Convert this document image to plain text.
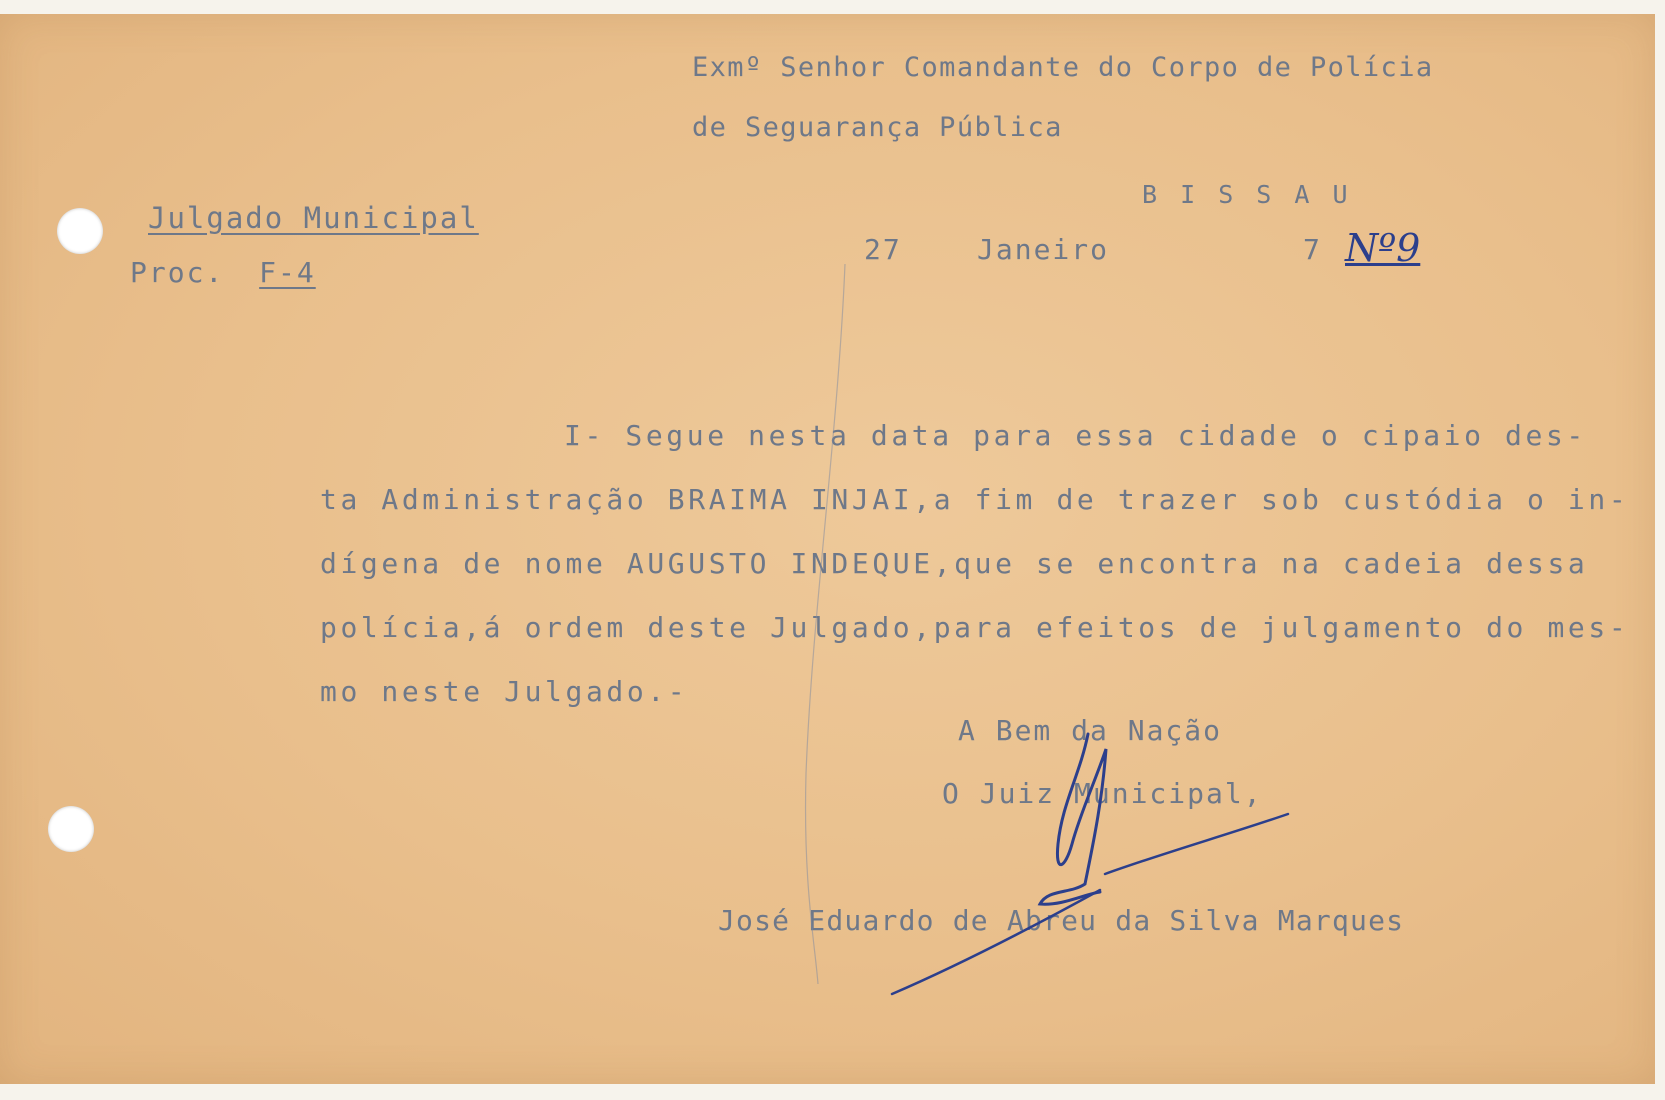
Exmº Senhor Comandante do Corpo de Polícia
de Seguarança Pública
B I S S A U
Julgado Municipal
Proc. F-4
27	Janeiro	7 Nº9
I- Segue nesta data para essa cidade o cipaio des-
ta Administração BRAIMA INJAI,a fim de trazer sob custódia o in-
dígena de nome AUGUSTO INDEQUE,que se encontra na cadeia dessa
polícia,á ordem deste Julgado,para efeitos de julgamento do mes-
mo neste Julgado.-
A Bem da Nação
O Juiz Municipal,
José Eduardo de Abreu da Silva Marques
